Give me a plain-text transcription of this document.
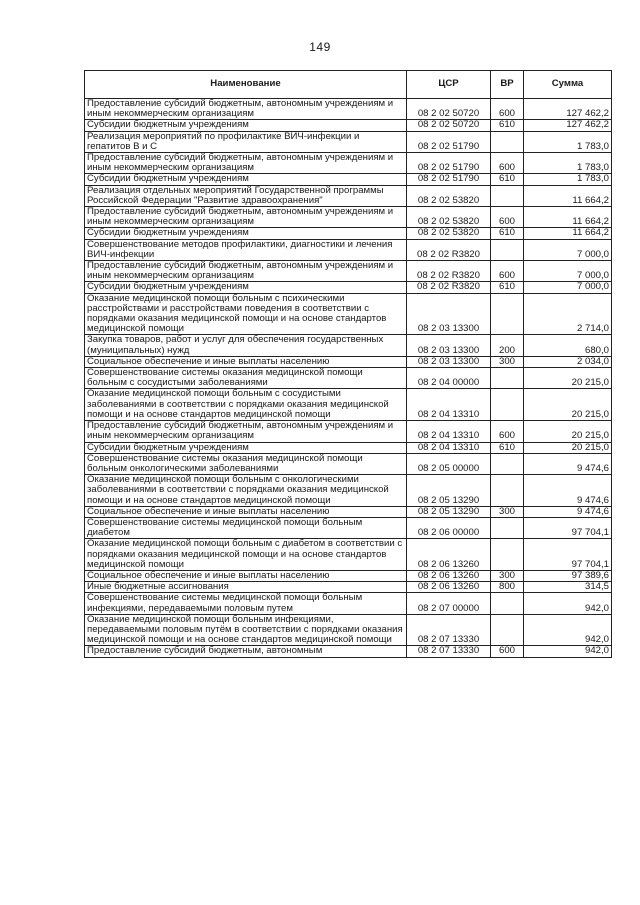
149
Наименование	ЦСР	ВР	Сумма
Предоставление субсидий бюджетным, автономным учреждениям и иным некоммерческим организациям	08 2 02 50720	600	127 462,2
Субсидии бюджетным учреждениям	08 2 02 50720	610	127 462,2
Реализация мероприятий по профилактике ВИЧ-инфекции и гепатитов В и С	08 2 02 51790		1 783,0
Предоставление субсидий бюджетным, автономным учреждениям и иным некоммерческим организациям	08 2 02 51790	600	1 783,0
Субсидии бюджетным учреждениям	08 2 02 51790	610	1 783,0
Реализация отдельных мероприятий Государственной программы Российской Федерации "Развитие здравоохранения"	08 2 02 53820		11 664,2
Предоставление субсидий бюджетным, автономным учреждениям и иным некоммерческим организациям	08 2 02 53820	600	11 664,2
Субсидии бюджетным учреждениям	08 2 02 53820	610	11 664,2
Совершенствование методов профилактики, диагностики и лечения ВИЧ-инфекции	08 2 02 R3820		7 000,0
Предоставление субсидий бюджетным, автономным учреждениям и иным некоммерческим организациям	08 2 02 R3820	600	7 000,0
Субсидии бюджетным учреждениям	08 2 02 R3820	610	7 000,0
Оказание медицинской помощи больным с психическими расстройствами и расстройствами поведения в соответствии с порядками оказания медицинской помощи и на основе стандартов медицинской помощи	08 2 03 13300		2 714,0
Закупка товаров, работ и услуг для обеспечения государственных (муниципальных) нужд	08 2 03 13300	200	680,0
Социальное обеспечение и иные выплаты населению	08 2 03 13300	300	2 034,0
Совершенствование системы оказания медицинской помощи больным с сосудистыми заболеваниями	08 2 04 00000		20 215,0
Оказание медицинской помощи больным с сосудистыми заболеваниями в соответствии с порядками оказания медицинской помощи и на основе стандартов медицинской помощи	08 2 04 13310		20 215,0
Предоставление субсидий бюджетным, автономным учреждениям и иным некоммерческим организациям	08 2 04 13310	600	20 215,0
Субсидии бюджетным учреждениям	08 2 04 13310	610	20 215,0
Совершенствование системы оказания медицинской помощи больным онкологическими заболеваниями	08 2 05 00000		9 474,6
Оказание медицинской помощи больным с онкологическими заболеваниями в соответствии с порядками оказания медицинской помощи и на основе стандартов медицинской помощи	08 2 05 13290		9 474,6
Социальное обеспечение и иные выплаты населению	08 2 05 13290	300	9 474,6
Совершенствование системы медицинской помощи больным диабетом	08 2 06 00000		97 704,1
Оказание медицинской помощи больным с диабетом в соответствии с порядками оказания медицинской помощи и на основе стандартов медицинской помощи	08 2 06 13260		97 704,1
Социальное обеспечение и иные выплаты населению	08 2 06 13260	300	97 389,6
Иные бюджетные ассигнования	08 2 06 13260	800	314,5
Совершенствование системы медицинской помощи больным инфекциями, передаваемыми половым путем	08 2 07 00000		942,0
Оказание медицинской помощи больным инфекциями, передаваемыми половым путём в соответствии с порядками оказания медицинской помощи и на основе стандартов медицинской помощи	08 2 07 13330		942,0
Предоставление субсидий бюджетным, автономным	08 2 07 13330	600	942,0
